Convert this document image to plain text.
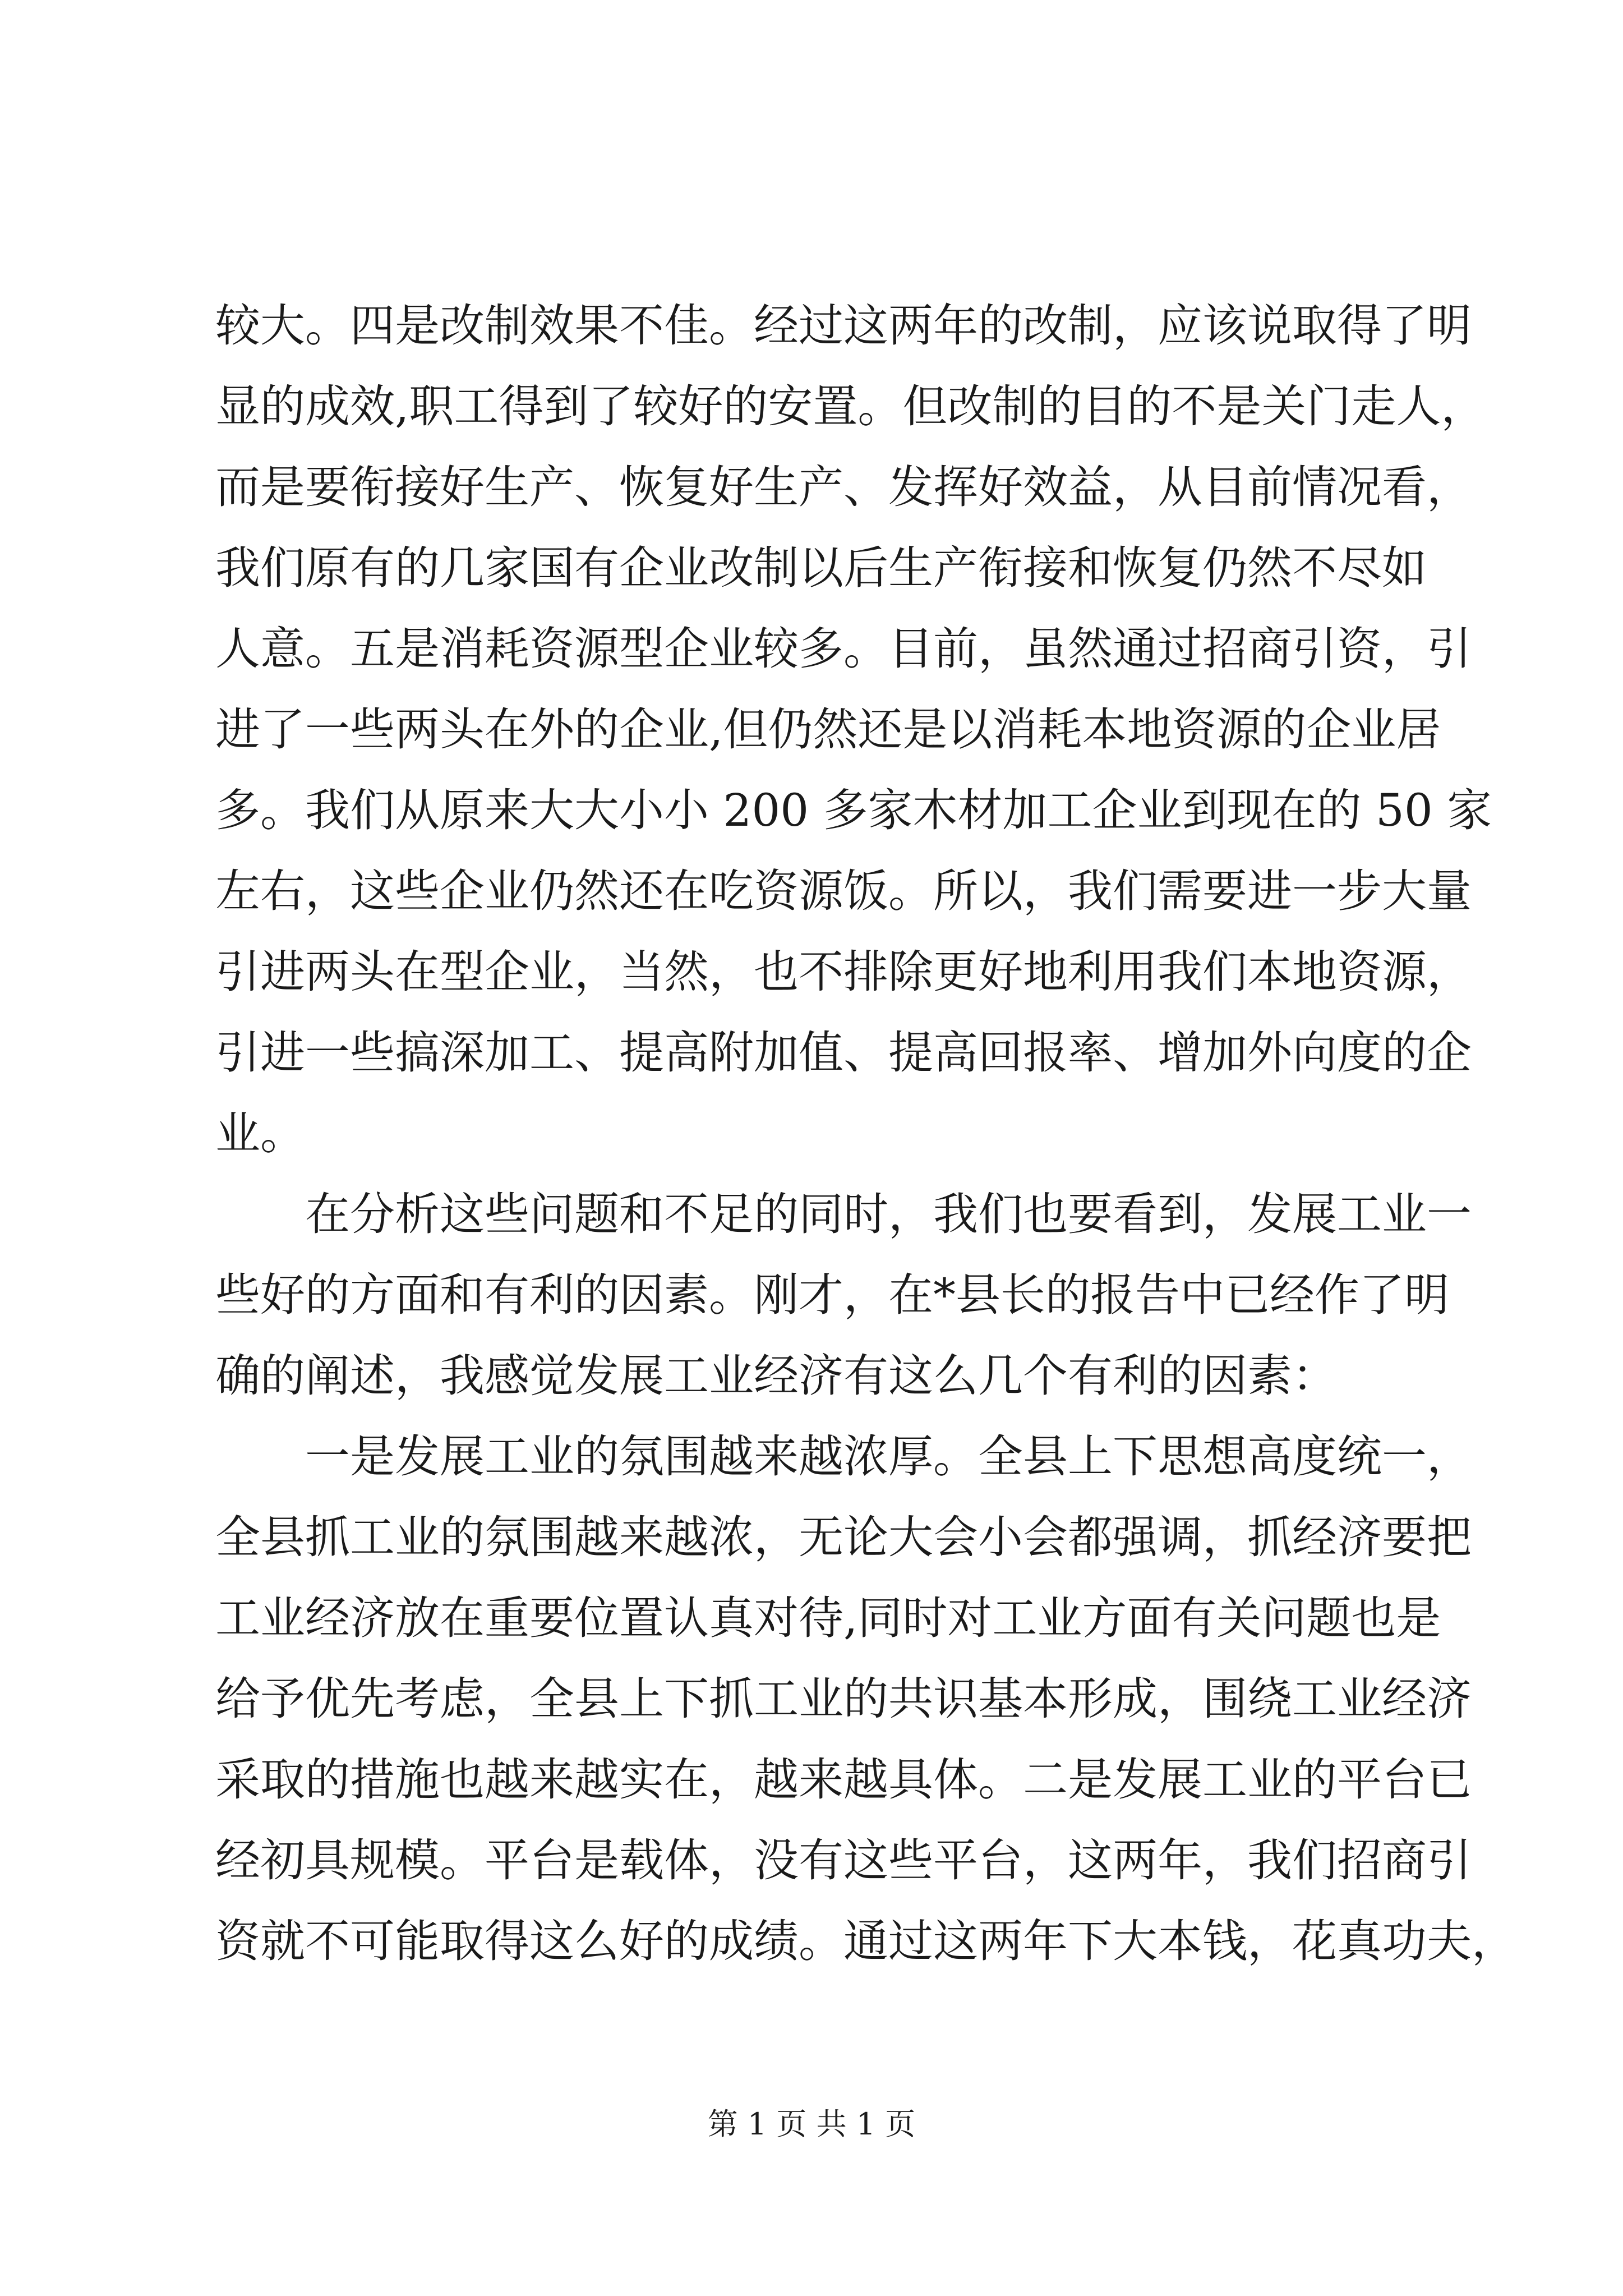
较大。四是改制效果不佳。经过这两年的改制，应该说取得了明
显的成效,职工得到了较好的安置。但改制的目的不是关门走人，
而是要衔接好生产、恢复好生产、发挥好效益，从目前情况看，
我们原有的几家国有企业改制以后生产衔接和恢复仍然不尽如
人意。五是消耗资源型企业较多。目前，虽然通过招商引资，引
进了一些两头在外的企业,但仍然还是以消耗本地资源的企业居
多。我们从原来大大小小 200 多家木材加工企业到现在的 50 家
左右，这些企业仍然还在吃资源饭。所以，我们需要进一步大量
引进两头在型企业，当然，也不排除更好地利用我们本地资源，
引进一些搞深加工、提高附加值、提高回报率、增加外向度的企
业。
在分析这些问题和不足的同时，我们也要看到，发展工业一
些好的方面和有利的因素。刚才，在*县长的报告中已经作了明
确的阐述，我感觉发展工业经济有这么几个有利的因素：
一是发展工业的氛围越来越浓厚。全县上下思想高度统一，
全县抓工业的氛围越来越浓，无论大会小会都强调，抓经济要把
工业经济放在重要位置认真对待,同时对工业方面有关问题也是
给予优先考虑，全县上下抓工业的共识基本形成，围绕工业经济
采取的措施也越来越实在，越来越具体。二是发展工业的平台已
经初具规模。平台是载体，没有这些平台，这两年，我们招商引
资就不可能取得这么好的成绩。通过这两年下大本钱，花真功夫，
第 1 页 共 1 页
